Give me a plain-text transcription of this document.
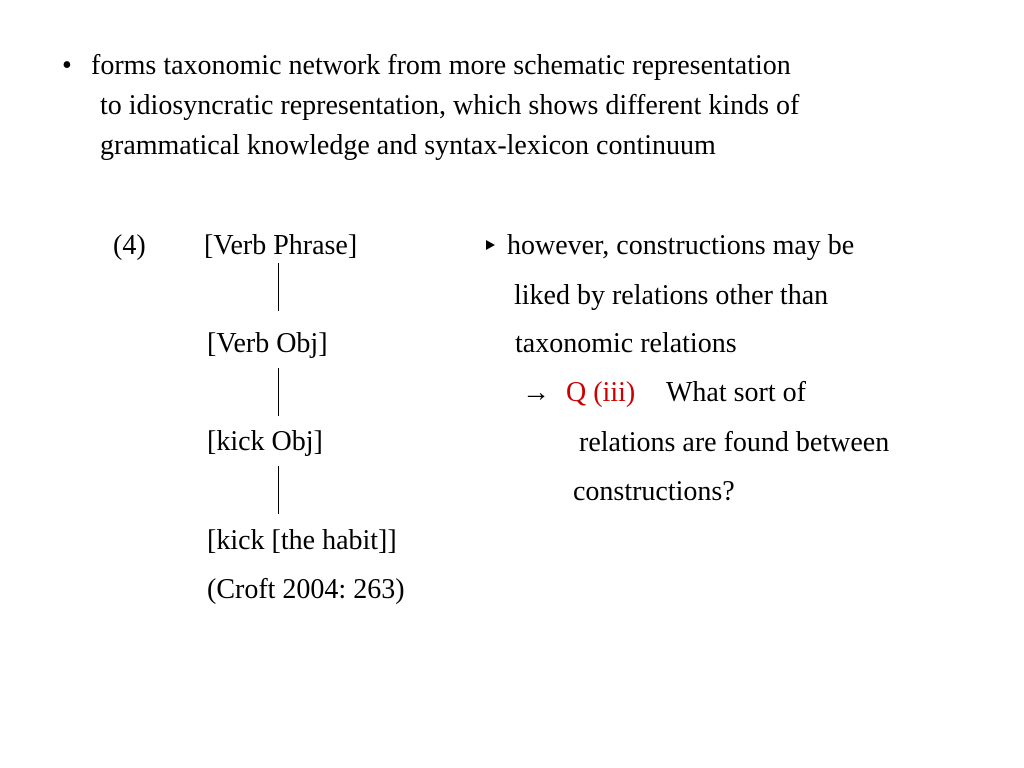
• forms taxonomic network from more schematic representation
to idiosyncratic representation, which shows different kinds of
grammatical knowledge and syntax-lexicon continuum
(4) [Verb Phrase]
[Verb Obj]
[kick Obj]
[kick [the habit]]
(Croft 2004: 263)
however, constructions may be
liked by relations other than
taxonomic relations
→ Q (iii) What sort of
relations are found between
constructions?
